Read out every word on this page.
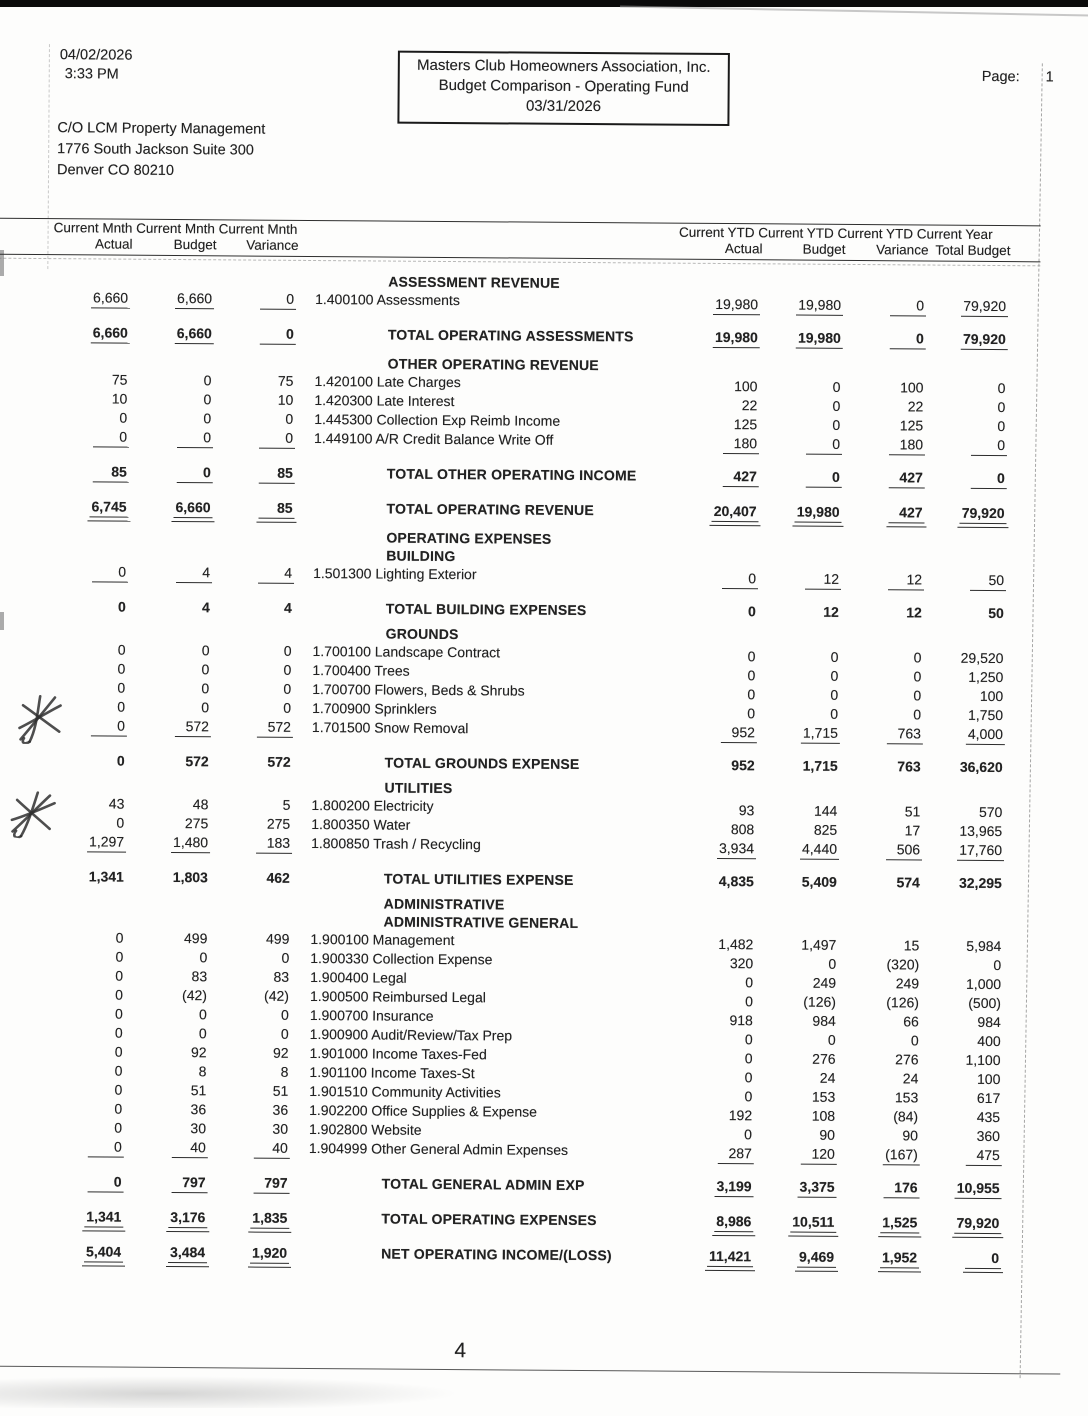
04/02/2026
3:33 PM	Masters Club Homeowners Association, Inc.
Budget Comparison - Operating Fund
03/31/2026
Page: 1
C/O LCM Property Management
1776 South Jackson Suite 300
Denver CO 80210
Current Mnth Current Mnth Current Mnth	Current YTD Current YTD Current YTD Current Year
Actual	Budget	Variance	Actual	Budget	Variance Total Budget
ASSESSMENT REVENUE
6,660	6,660	0	1.400100 Assessments	19,980	19,980	0	79,920
6,660	6,660	0	TOTAL OPERATING ASSESSMENTS	19,980	19,980	0	79,920
OTHER OPERATING REVENUE
75	0	75	1.420100 Late Charges	100	0	100	0
10	0	10	1.420300 Late Interest	22	0	22	0
0	0	0	1.445300 Collection Exp Reimb Income	125	0	125	0
0	0	0	1.449100 A/R Credit Balance Write Off	180	0	180	0
85	0	85	TOTAL OTHER OPERATING INCOME	427	0	427	0
6,745	6,660	85	TOTAL OPERATING REVENUE	20,407	19,980	427	79,920
OPERATING EXPENSES
BUILDING
0	4	4	1.501300 Lighting Exterior	0	12	12	50
0	4	4	TOTAL BUILDING EXPENSES	0	12	12	50
GROUNDS
0	0	0	1.700100 Landscape Contract	0	0	0	29,520
0	0	0	1.700400 Trees	0	0	0	1,250
0	0	0	1.700700 Flowers, Beds & Shrubs	0	0	0	100
0	0	0	1.700900 Sprinklers	0	0	0	1,750
0	572	572	1.701500 Snow Removal	952	1,715	763	4,000
0	572	572	TOTAL GROUNDS EXPENSE	952	1,715	763	36,620
UTILITIES
43	48	5	1.800200 Electricity	93	144	51	570
0	275	275	1.800350 Water	808	825	17	13,965
1,297	1,480	183	1.800850 Trash / Recycling	3,934	4,440	506	17,760
1,341	1,803	462	TOTAL UTILITIES EXPENSE	4,835	5,409	574	32,295
ADMINISTRATIVE
ADMINISTRATIVE GENERAL
0	499	499	1.900100 Management	1,482	1,497	15	5,984
0	0	0	1.900330 Collection Expense	320	0	(320)	0
0	83	83	1.900400 Legal	0	249	249	1,000
0	(42)	(42)	1.900500 Reimbursed Legal	0	(126)	(126)	(500)
0	0	0	1.900700 Insurance	918	984	66	984
0	0	0	1.900900 Audit/Review/Tax Prep	0	0	0	400
0	92	92	1.901000 Income Taxes-Fed	0	276	276	1,100
0	8	8	1.901100 Income Taxes-St	0	24	24	100
0	51	51	1.901510 Community Activities	0	153	153	617
0	36	36	1.902200 Office Supplies & Expense	192	108	(84)	435
0	30	30	1.902800 Website	0	90	90	360
0	40	40	1.904999 Other General Admin Expenses	287	120	(167)	475
0	797	797	TOTAL GENERAL ADMIN EXP	3,199	3,375	176	10,955
1,341	3,176	1,835	TOTAL OPERATING EXPENSES	8,986	10,511	1,525	79,920
5,404	3,484	1,920	NET OPERATING INCOME/(LOSS)	11,421	9,469	1,952	0
4
